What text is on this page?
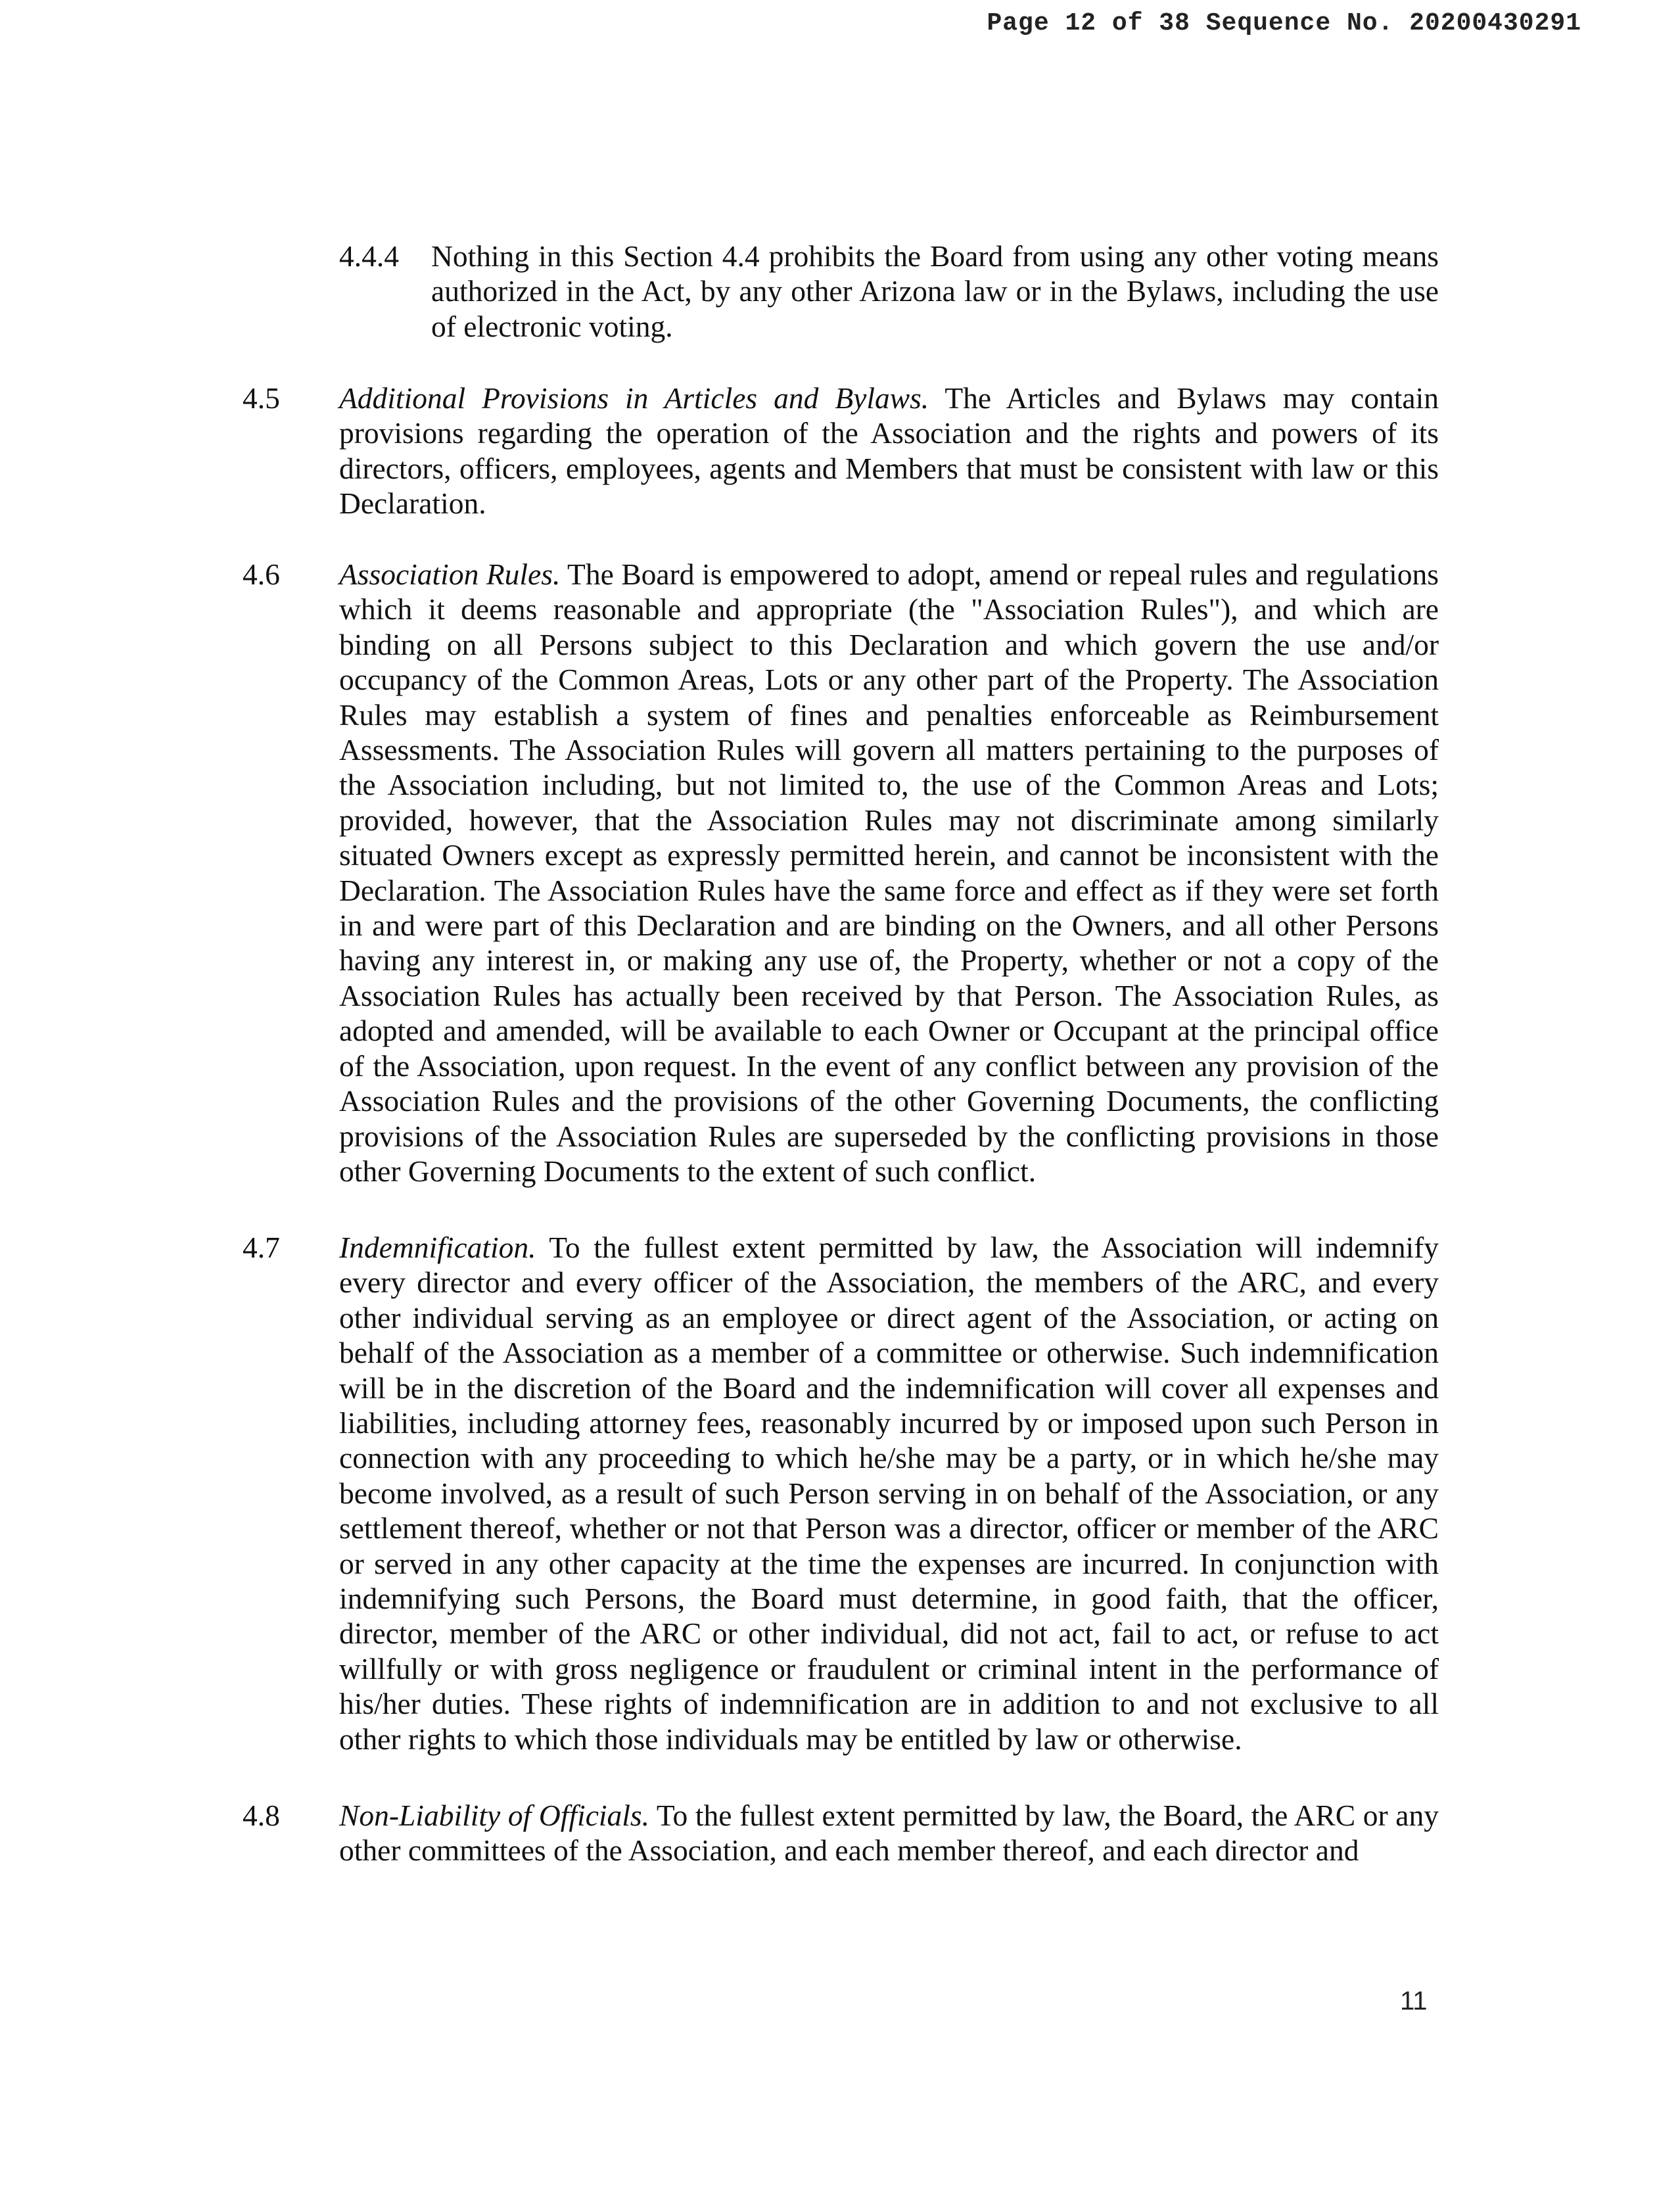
Page 12 of 38 Sequence No. 20200430291
4.4.4 Nothing in this Section 4.4 prohibits the Board from using any other voting means authorized in the Act, by any other Arizona law or in the Bylaws, including the use of electronic voting.
4.5 Additional Provisions in Articles and Bylaws. The Articles and Bylaws may contain provisions regarding the operation of the Association and the rights and powers of its directors, officers, employees, agents and Members that must be consistent with law or this Declaration.
4.6 Association Rules. The Board is empowered to adopt, amend or repeal rules and regulations which it deems reasonable and appropriate (the "Association Rules"), and which are binding on all Persons subject to this Declaration and which govern the use and/or occupancy of the Common Areas, Lots or any other part of the Property. The Association Rules may establish a system of fines and penalties enforceable as Reimbursement Assessments. The Association Rules will govern all matters pertaining to the purposes of the Association including, but not limited to, the use of the Common Areas and Lots; provided, however, that the Association Rules may not discriminate among similarly situated Owners except as expressly permitted herein, and cannot be inconsistent with the Declaration. The Association Rules have the same force and effect as if they were set forth in and were part of this Declaration and are binding on the Owners, and all other Persons having any interest in, or making any use of, the Property, whether or not a copy of the Association Rules has actually been received by that Person. The Association Rules, as adopted and amended, will be available to each Owner or Occupant at the principal office of the Association, upon request. In the event of any conflict between any provision of the Association Rules and the provisions of the other Governing Documents, the conflicting provisions of the Association Rules are superseded by the conflicting provisions in those other Governing Documents to the extent of such conflict.
4.7 Indemnification. To the fullest extent permitted by law, the Association will indemnify every director and every officer of the Association, the members of the ARC, and every other individual serving as an employee or direct agent of the Association, or acting on behalf of the Association as a member of a committee or otherwise. Such indemnification will be in the discretion of the Board and the indemnification will cover all expenses and liabilities, including attorney fees, reasonably incurred by or imposed upon such Person in connection with any proceeding to which he/she may be a party, or in which he/she may become involved, as a result of such Person serving in on behalf of the Association, or any settlement thereof, whether or not that Person was a director, officer or member of the ARC or served in any other capacity at the time the expenses are incurred. In conjunction with indemnifying such Persons, the Board must determine, in good faith, that the officer, director, member of the ARC or other individual, did not act, fail to act, or refuse to act willfully or with gross negligence or fraudulent or criminal intent in the performance of his/her duties. These rights of indemnification are in addition to and not exclusive to all other rights to which those individuals may be entitled by law or otherwise.
4.8 Non-Liability of Officials. To the fullest extent permitted by law, the Board, the ARC or any other committees of the Association, and each member thereof, and each director and
11
